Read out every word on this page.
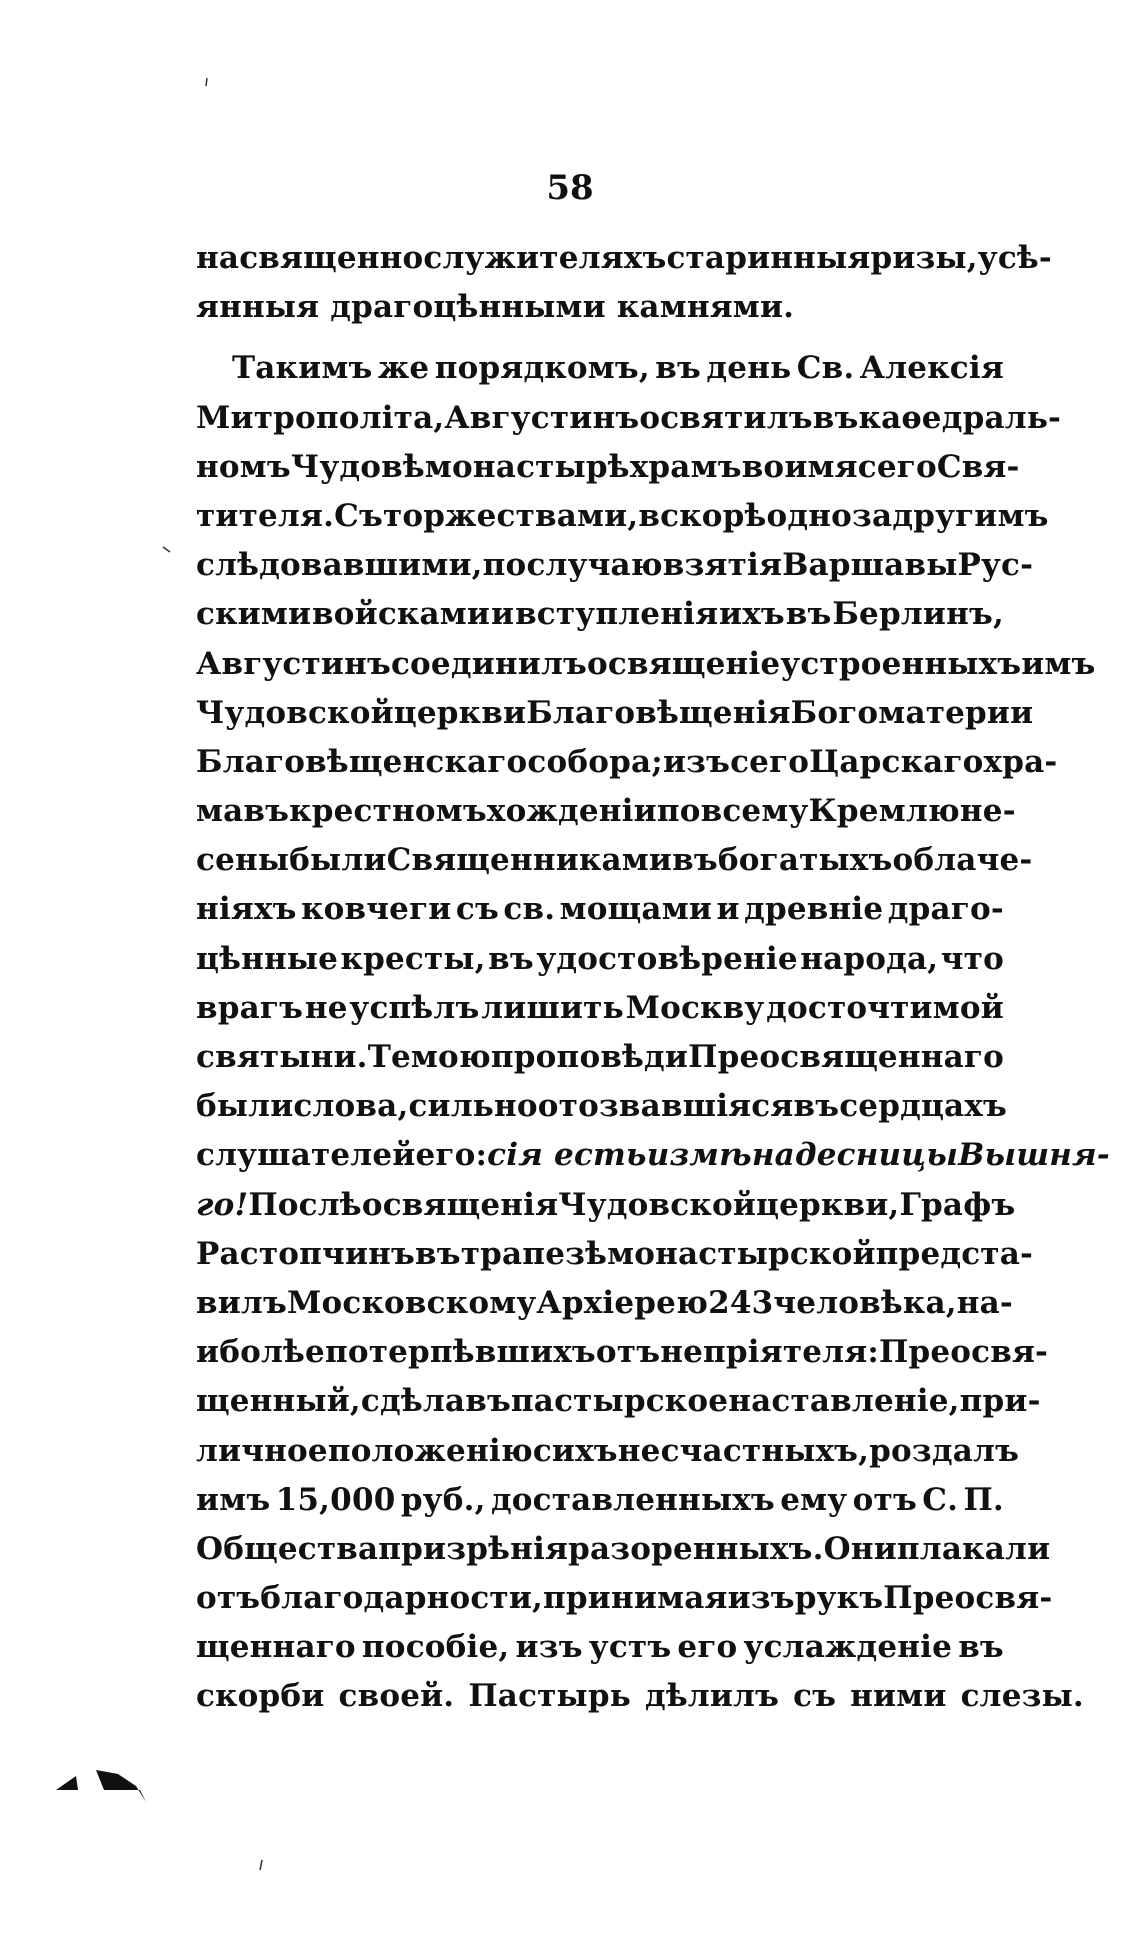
58
на священнослужителяхъ старинныя ризы, усѣ-
янныя драгоцѣнными камнями.
Такимъ же порядкомъ, въ день Св. Алексія
Митрополіта, Августинъ освятилъ въ каѳедраль-
номъ Чудовѣ монастырѣ храмъ во имя сего Свя-
тителя. Съ торжествами, вскорѣ одно за другимъ
слѣдовавшими, по случаю взятія Варшавы Рус-
скими войсками и вступленія ихъ въ Берлинъ,
Августинъ соединилъ освященіе устроенныхъ имъ
Чудовской церкви Благовѣщенія Богоматери и
Благовѣщенскаго собора; изъ сего Царскаго хра-
ма въ крестномъ хожденіи по всему Кремлю не-
сены были Священниками въ богатыхъ облаче-
ніяхъ ковчеги съ св. мощами и древніе драго-
цѣнные кресты, въ удостовѣреніе народа, что
врагъ не успѣлъ лишить Москву досточтимой
святыни. Темою проповѣди Преосвященнаго
были слова, сильно отозвавшіяся въ сердцахъ
слушателей его: сія есть измѣна десницы Вышня-
го! Послѣ освященія Чудовской церкви, Графъ
Растопчинъ въ трапезѣ монастырской предста-
вилъ Московскому Архіерею 243 человѣка, на-
иболѣе потерпѣвшихъ отъ непріятеля: Преосвя-
щенный, сдѣлавъ пастырское наставленіе, при-
личное положенію сихъ несчастныхъ, роздалъ
имъ 15,000 руб., доставленныхъ ему отъ С. П.
Общества призрѣнія разоренныхъ. Они плакали
отъ благодарности, принимая изъ рукъ Преосвя-
щеннаго пособіе, изъ устъ его услажденіе въ
скорби своей. Пастырь дѣлилъ съ ними слезы.
